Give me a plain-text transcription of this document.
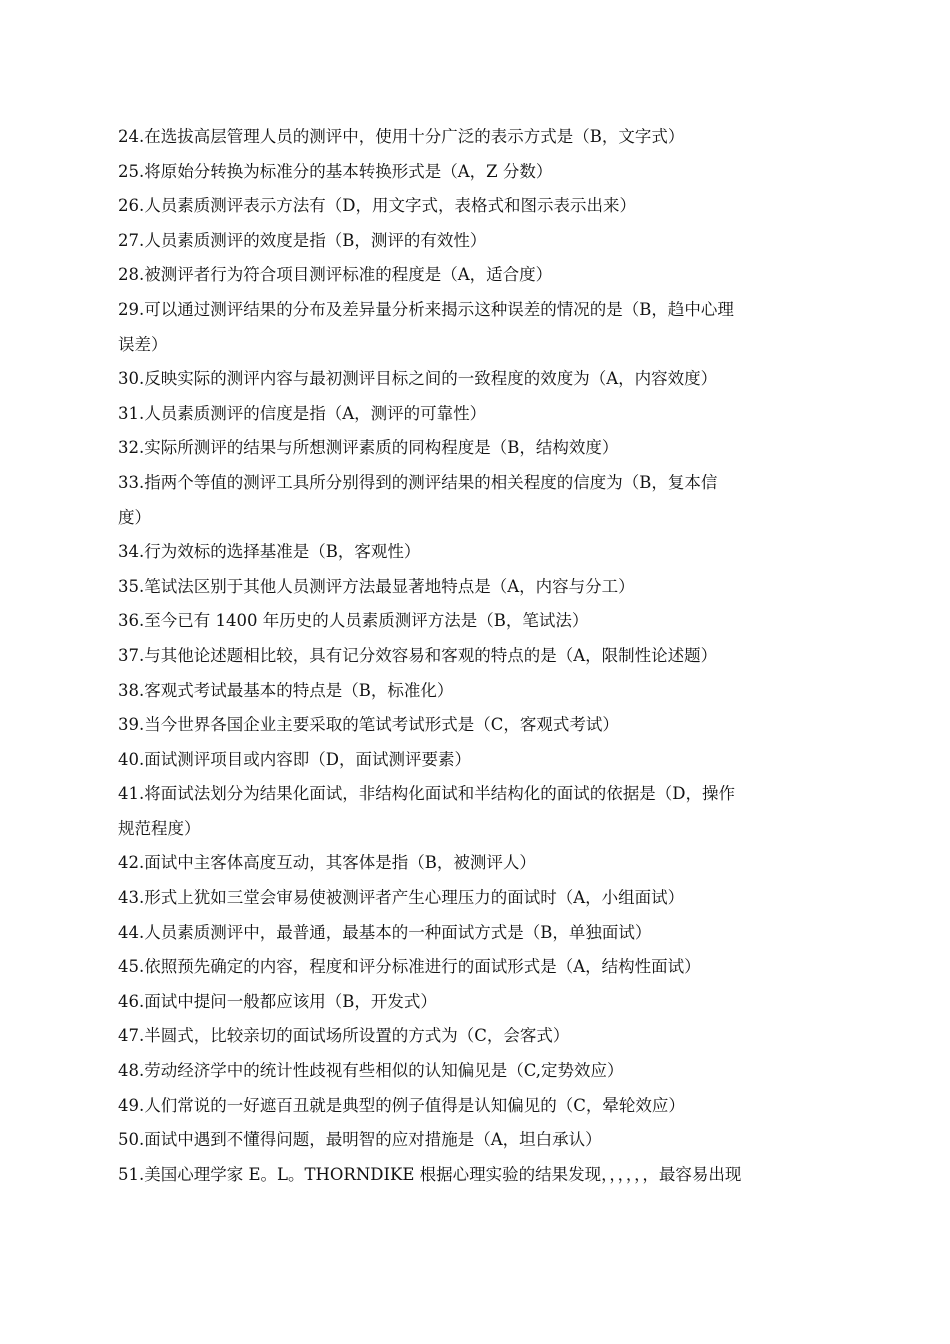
24.在选拔高层管理人员的测评中，使用十分广泛的表示方式是（B，文字式）
25.将原始分转换为标准分的基本转换形式是（A，Z 分数）
26.人员素质测评表示方法有（D，用文字式，表格式和图示表示出来）
27.人员素质测评的效度是指（B，测评的有效性）
28.被测评者行为符合项目测评标准的程度是（A，适合度）
29.可以通过测评结果的分布及差异量分析来揭示这种误差的情况的是（B，趋中心理
误差）
30.反映实际的测评内容与最初测评目标之间的一致程度的效度为（A，内容效度）
31.人员素质测评的信度是指（A，测评的可靠性）
32.实际所测评的结果与所想测评素质的同构程度是（B，结构效度）
33.指两个等值的测评工具所分别得到的测评结果的相关程度的信度为（B，复本信
度）
34.行为效标的选择基准是（B，客观性）
35.笔试法区别于其他人员测评方法最显著地特点是（A，内容与分工）
36.至今已有 1400 年历史的人员素质测评方法是（B，笔试法）
37.与其他论述题相比较，具有记分效容易和客观的特点的是（A，限制性论述题）
38.客观式考试最基本的特点是（B，标准化）
39.当今世界各国企业主要采取的笔试考试形式是（C，客观式考试）
40.面试测评项目或内容即（D，面试测评要素）
41.将面试法划分为结果化面试，非结构化面试和半结构化的面试的依据是（D，操作
规范程度）
42.面试中主客体高度互动，其客体是指（B，被测评人）
43.形式上犹如三堂会审易使被测评者产生心理压力的面试时（A，小组面试）
44.人员素质测评中，最普通，最基本的一种面试方式是（B，单独面试）
45.依照预先确定的内容，程度和评分标准进行的面试形式是（A，结构性面试）
46.面试中提问一般都应该用（B，开发式）
47.半圆式，比较亲切的面试场所设置的方式为（C，会客式）
48.劳动经济学中的统计性歧视有些相似的认知偏见是（C,定势效应）
49.人们常说的一好遮百丑就是典型的例子值得是认知偏见的（C，晕轮效应）
50.面试中遇到不懂得问题，最明智的应对措施是（A，坦白承认）
51.美国心理学家 E。L。THORNDIKE 根据心理实验的结果发现，，，，，，最容易出现
